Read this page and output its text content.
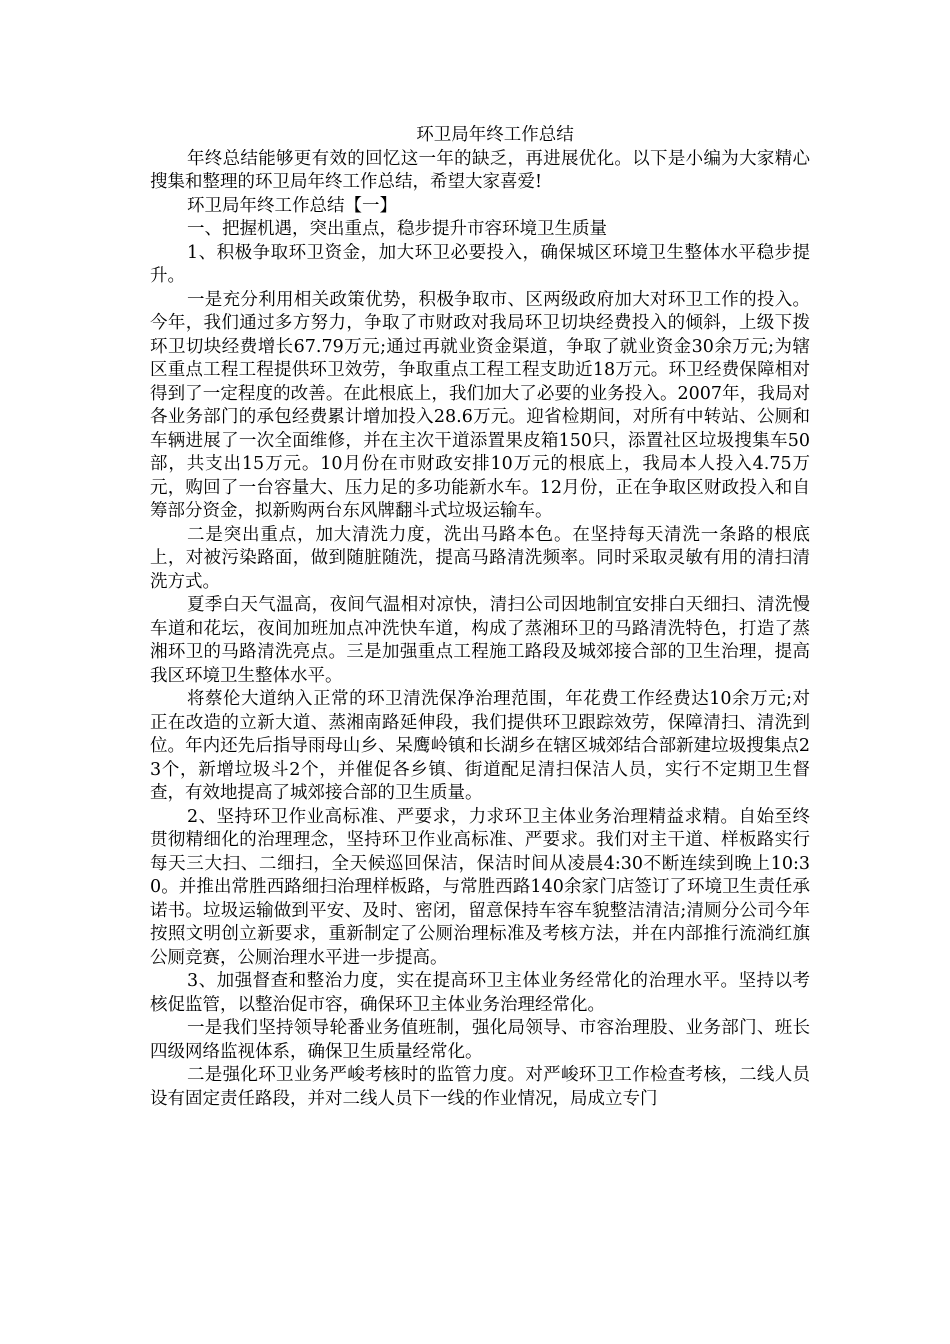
环卫局年终工作总结

年终总结能够更有效的回忆这一年的缺乏，再进展优化。以下是小编为大家精心搜集和整理的环卫局年终工作总结，希望大家喜爱!

环卫局年终工作总结【一】

一、把握机遇，突出重点，稳步提升市容环境卫生质量

1、积极争取环卫资金，加大环卫必要投入，确保城区环境卫生整体水平稳步提升。

一是充分利用相关政策优势，积极争取市、区两级政府加大对环卫工作的投入。今年，我们通过多方努力，争取了市财政对我局环卫切块经费投入的倾斜，上级下拨环卫切块经费增长67.79万元;通过再就业资金渠道，争取了就业资金30余万元;为辖区重点工程工程提供环卫效劳，争取重点工程工程支助近18万元。环卫经费保障相对得到了一定程度的改善。在此根底上，我们加大了必要的业务投入。2007年，我局对各业务部门的承包经费累计增加投入28.6万元。迎省检期间，对所有中转站、公厕和车辆进展了一次全面维修，并在主次干道添置果皮箱150只，添置社区垃圾搜集车50部，共支出15万元。10月份在市财政安排10万元的根底上，我局本人投入4.75万元，购回了一台容量大、压力足的多功能新水车。12月份，正在争取区财政投入和自筹部分资金，拟新购两台东风牌翻斗式垃圾运输车。

二是突出重点，加大清洗力度，洗出马路本色。在坚持每天清洗一条路的根底上，对被污染路面，做到随脏随洗，提高马路清洗频率。同时采取灵敏有用的清扫清洗方式。

夏季白天气温高，夜间气温相对凉快，清扫公司因地制宜安排白天细扫、清洗慢车道和花坛，夜间加班加点冲洗快车道，构成了蒸湘环卫的马路清洗特色，打造了蒸湘环卫的马路清洗亮点。三是加强重点工程施工路段及城郊接合部的卫生治理，提高我区环境卫生整体水平。

将蔡伦大道纳入正常的环卫清洗保净治理范围，年花费工作经费达10余万元;对正在改造的立新大道、蒸湘南路延伸段，我们提供环卫跟踪效劳，保障清扫、清洗到位。年内还先后指导雨母山乡、呆鹰岭镇和长湖乡在辖区城郊结合部新建垃圾搜集点23个，新增垃圾斗2个，并催促各乡镇、街道配足清扫保洁人员，实行不定期卫生督查，有效地提高了城郊接合部的卫生质量。

2、坚持环卫作业高标准、严要求，力求环卫主体业务治理精益求精。自始至终贯彻精细化的治理理念，坚持环卫作业高标准、严要求。我们对主干道、样板路实行每天三大扫、二细扫，全天候巡回保洁，保洁时间从凌晨4:30不断连续到晚上10:30。并推出常胜西路细扫治理样板路，与常胜西路140余家门店签订了环境卫生责任承诺书。垃圾运输做到平安、及时、密闭，留意保持车容车貌整洁清洁;清厕分公司今年按照文明创立新要求，重新制定了公厕治理标准及考核方法，并在内部推行流淌红旗公厕竞赛，公厕治理水平进一步提高。

3、加强督查和整治力度，实在提高环卫主体业务经常化的治理水平。坚持以考核促监管，以整治促市容，确保环卫主体业务治理经常化。

一是我们坚持领导轮番业务值班制，强化局领导、市容治理股、业务部门、班长四级网络监视体系，确保卫生质量经常化。

二是强化环卫业务严峻考核时的监管力度。对严峻环卫工作检查考核，二线人员设有固定责任路段，并对二线人员下一线的作业情况，局成立专门
